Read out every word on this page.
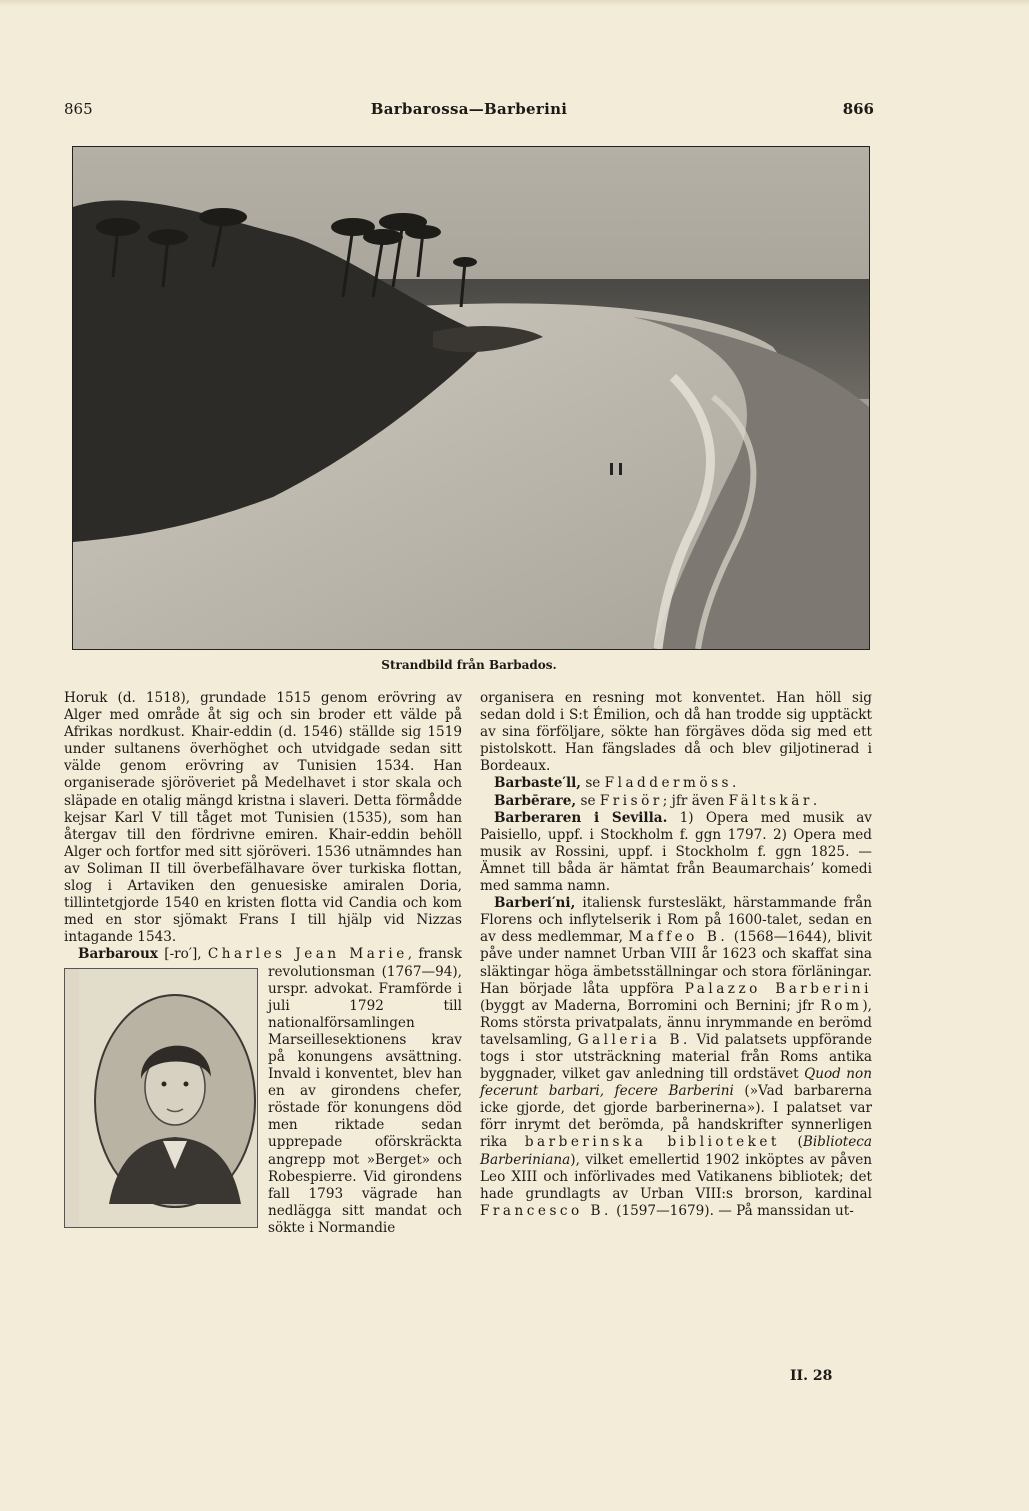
865	Barbarossa—Barberini	866
Strandbild från Barbados.

Horuk (d. 1518), grundade 1515 genom erövring av Alger med område åt sig och sin broder ett välde på Afrikas nordkust. Khair-eddin (d. 1546) ställde sig 1519 under sultanens överhöghet och utvidgade sedan sitt välde genom erövring av Tunisien 1534. Han organiserade sjöröveriet på Medelhavet i stor skala och släpade en otalig mängd kristna i slaveri. Detta förmådde kejsar Karl V till tåget mot Tunisien (1535), som han återgav till den fördrivne emiren. Khair-eddin behöll Alger och fortfor med sitt sjöröveri. 1536 utnämndes han av Soliman II till överbefälhavare över turkiska flottan, slog i Artaviken den genuesiske amiralen Doria, tillintetgjorde 1540 en kristen flotta vid Candia och kom med en stor sjömakt Frans I till hjälp vid Nizzas intagande 1543.

Barbaroux [-ro′], Charles Jean Marie
, fransk revolutionsman (1767—94), urspr. advokat. Framförde i juli 1792 till nationalförsamlingen Marseillesektionens krav på konungens avsättning. Invald i konventet, blev han en av girondens chefer, röstade för konungens död men riktade sedan upprepade oförskräckta angrepp mot »Berget» och Robespierre. Vid girondens fall 1793 vägrade han nedlägga sitt mandat och sökte i Normandie

organisera en resning mot konventet. Han höll sig sedan dold i S:t Émilion, och då han trodde sig upptäckt av sina förföljare, sökte han förgäves döda sig med ett pistolskott. Han fängslades då och blev giljotinerad i Bordeaux.

Barbaste′ll, se Fladdermöss.

Barbērare, se Frisör; jfr även Fältskär.

Barberaren i Sevilla. 1) Opera med musik av Paisiello, uppf. i Stockholm f. ggn 1797. 2) Opera med musik av Rossini, uppf. i Stockholm f. ggn 1825. — Ämnet till båda är hämtat från Beaumarchais’ komedi med samma namn.

Barberi′ni, italiensk furstesläkt, härstammande från Florens och inflytelserik i Rom på 1600-talet, sedan en av dess medlemmar, Maffeo B. (1568—1644), blivit påve under namnet Urban VIII år 1623 och skaffat sina släktingar höga ämbetsställningar och stora förläningar. Han började låta uppföra Palazzo Barberini (byggt av Maderna, Borromini och Bernini; jfr Rom), Roms största privatpalats, ännu inrymmande en berömd tavelsamling, Galleria B. Vid palatsets uppförande togs i stor utsträckning material från Roms antika byggnader, vilket gav anledning till ordstävet Quod non fecerunt barbari, fecere Barberini (»Vad barbarerna icke gjorde, det gjorde barberinerna»). I palatset var förr inrymt det berömda, på handskrifter synnerligen rika barberinska biblioteket (Biblioteca Barberiniana), vilket emellertid 1902 inköptes av påven Leo XIII och införlivades med Vatikanens bibliotek; det hade grundlagts av Urban VIII:s brorson, kardinal Francesco B. (1597—1679). — På manssidan ut-

II. 28
